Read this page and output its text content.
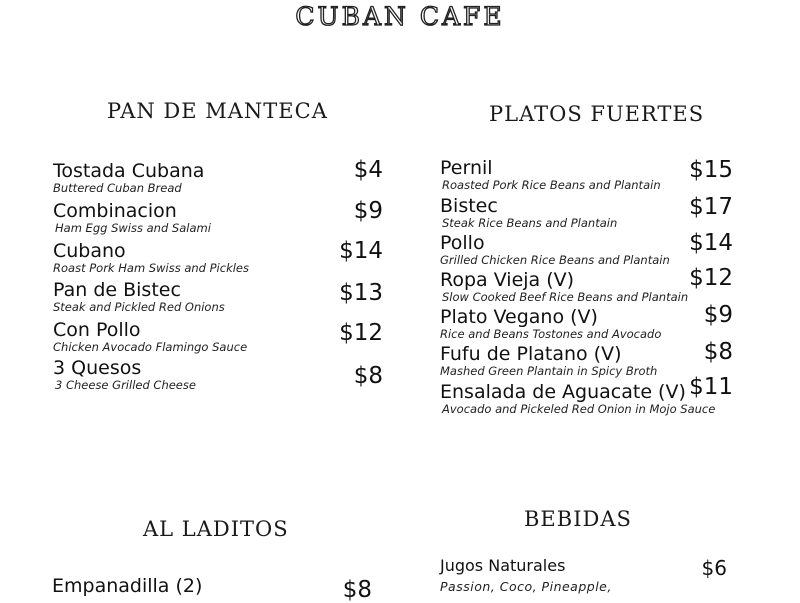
CUBAN CAFE
PAN DE MANTECA
Tostada Cubana
Buttered Cuban Bread
$4
Combinacion
Ham Egg Swiss and Salami
$9
Cubano
Roast Pork Ham Swiss and Pickles
$14
Pan de Bistec
Steak and Pickled Red Onions
$13
Con Pollo
Chicken Avocado Flamingo Sauce
$12
3 Quesos
3 Cheese Grilled Cheese	$8
PLATOS FUERTES
Pernil
Roasted Pork Rice Beans and Plantain
$15
Bistec
Steak Rice Beans and Plantain
$17
Pollo
Grilled Chicken Rice Beans and Plantain
$14
Ropa Vieja (V)
Slow Cooked Beef Rice Beans and Plantain
$12
Plato Vegano (V)
Rice and Beans Tostones and Avocado
$9
Fufu de Platano (V)
Mashed Green Plantain in Spicy Broth
$8
Ensalada de Aguacate (V)
Avocado and Pickeled Red Onion in Mojo Sauce
$11
AL LADITOS
Empanadilla (2)	$8
BEBIDAS
Jugos Naturales
Passion, Coco, Pineapple,
$6
